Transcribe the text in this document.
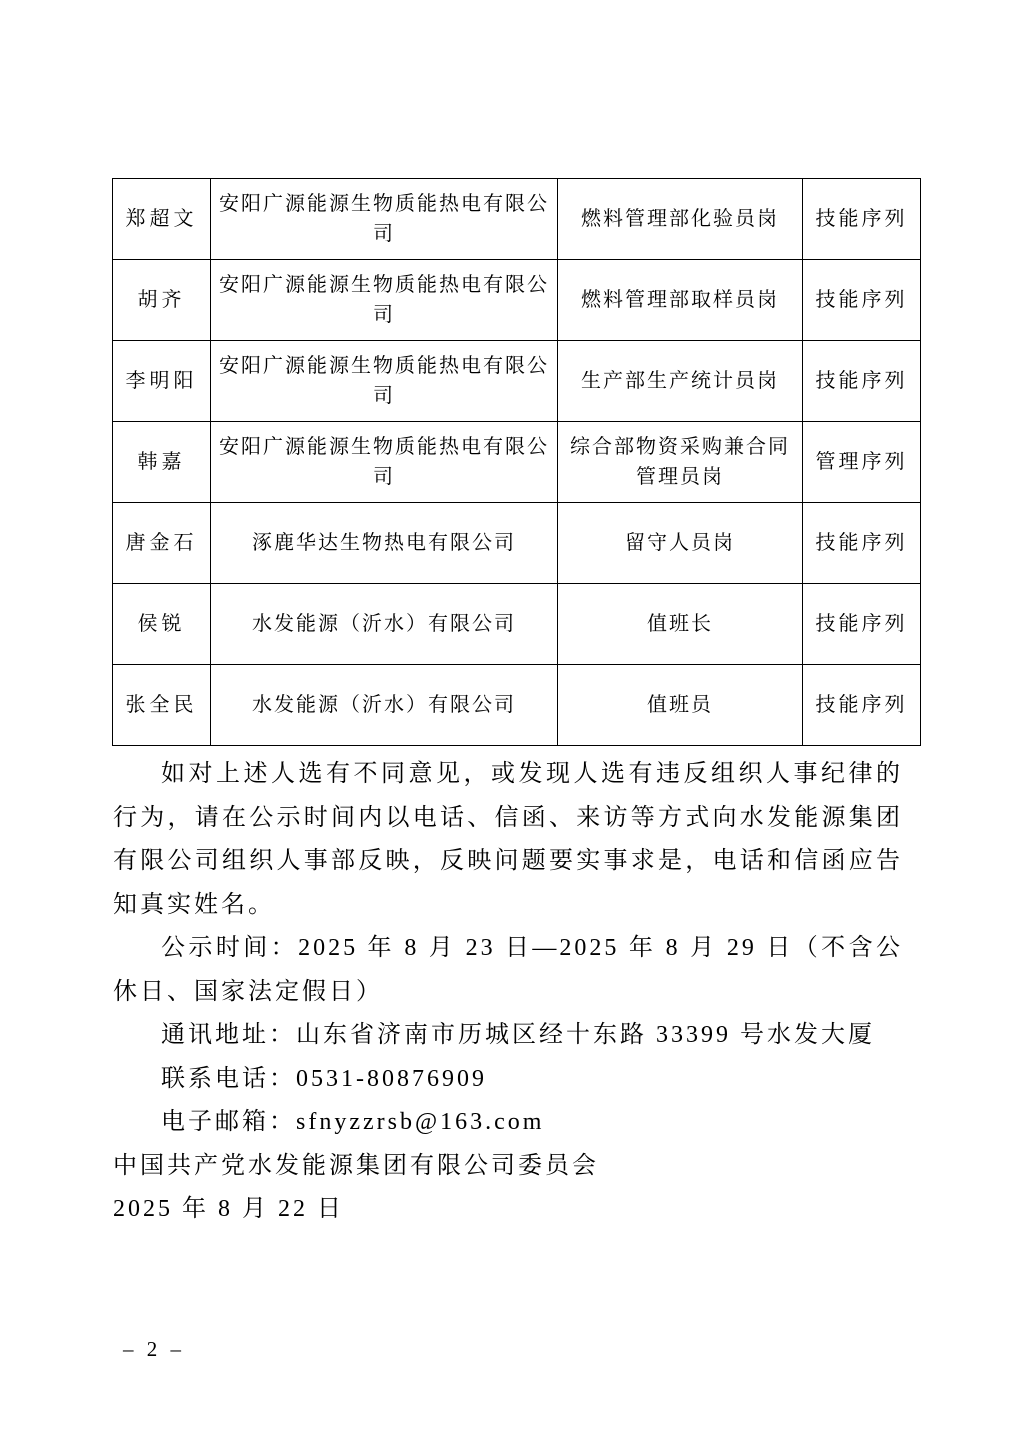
郑超文	安阳广源能源生物质能热电有限公司	燃料管理部化验员岗	技能序列
胡齐	安阳广源能源生物质能热电有限公司	燃料管理部取样员岗	技能序列
李明阳	安阳广源能源生物质能热电有限公司	生产部生产统计员岗	技能序列
韩嘉	安阳广源能源生物质能热电有限公司	综合部物资采购兼合同管理员岗	管理序列
唐金石	涿鹿华达生物热电有限公司	留守人员岗	技能序列
侯锐	水发能源（沂水）有限公司	值班长	技能序列
张全民	水发能源（沂水）有限公司	值班员	技能序列

如对上述人选有不同意见，或发现人选有违反组织人事纪律的行为，请在公示时间内以电话、信函、来访等方式向水发能源集团有限公司组织人事部反映，反映问题要实事求是，电话和信函应告知真实姓名。

公示时间：2025 年 8 月 23 日—2025 年 8 月 29 日（不含公休日、国家法定假日）

通讯地址：山东省济南市历城区经十东路 33399 号水发大厦

联系电话：0531-80876909

电子邮箱：sfnyzzrsb@163.com

中国共产党水发能源集团有限公司委员会

2025 年 8 月 22 日

– 2 –
